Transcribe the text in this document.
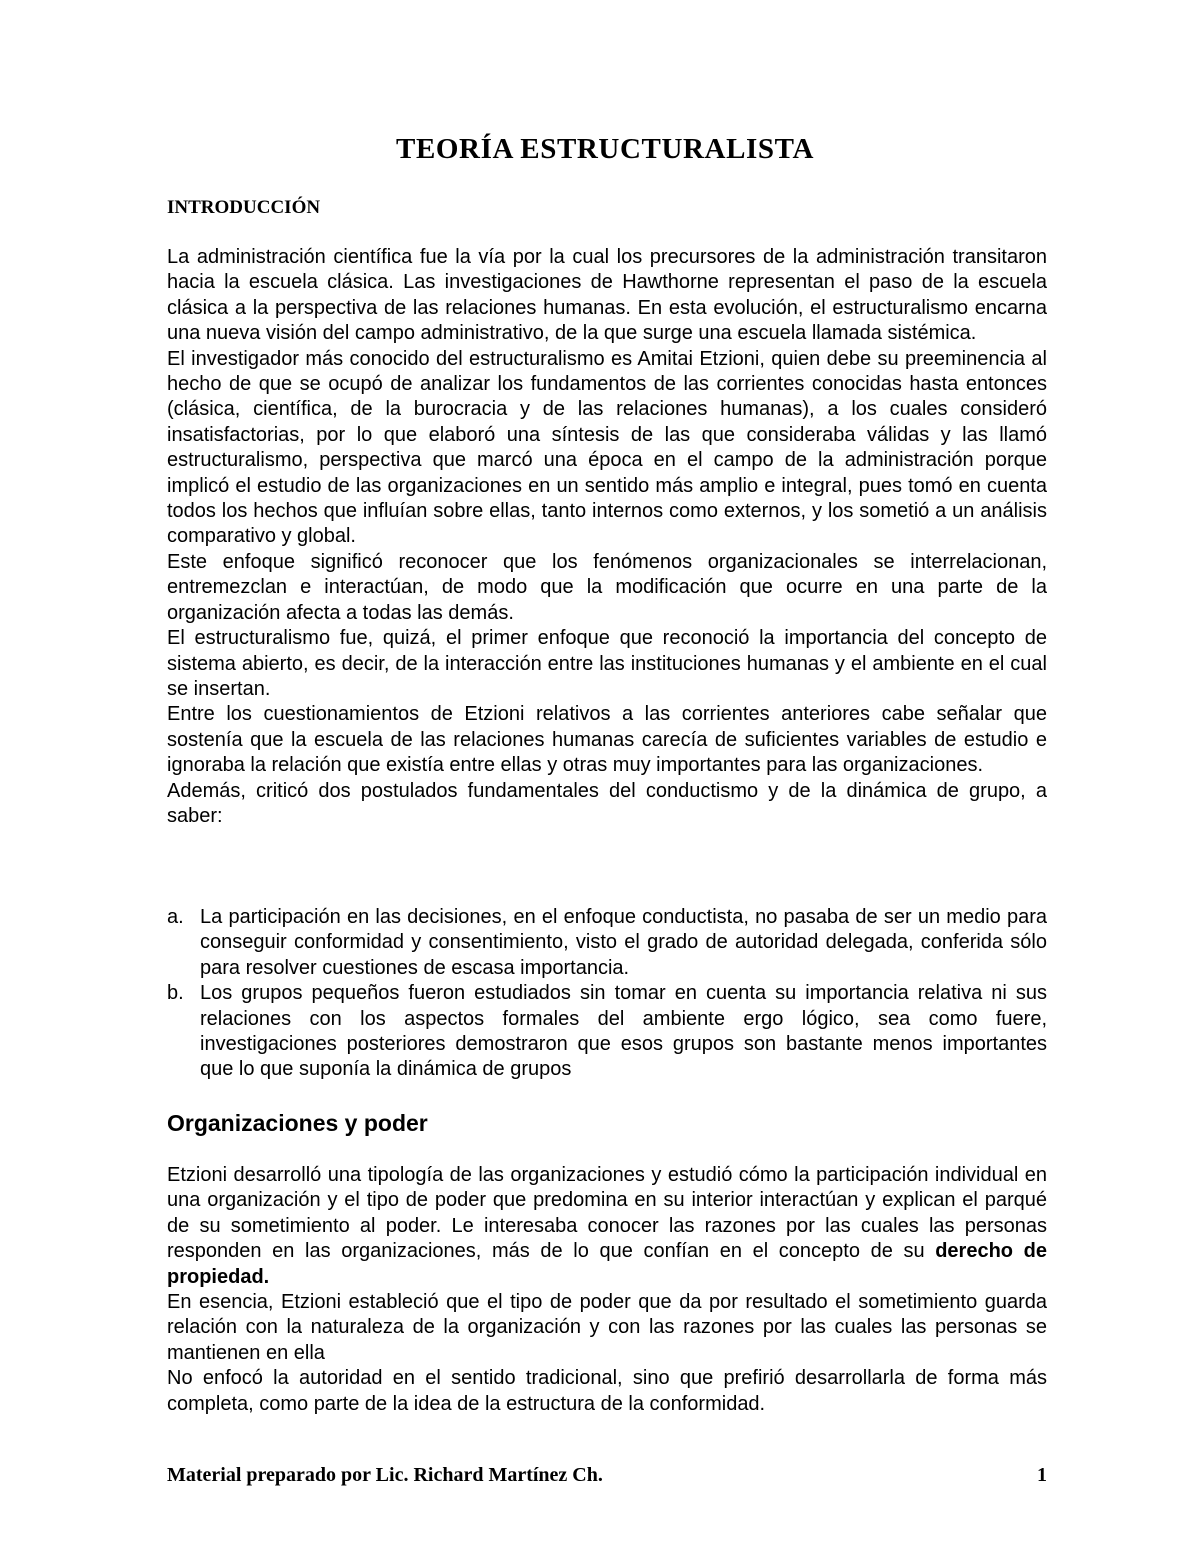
TEORÍA ESTRUCTURALISTA
INTRODUCCIÓN

La administración científica fue la vía por la cual los precursores de la administración transitaron hacia la escuela clásica. Las investigaciones de Hawthorne representan el paso de la escuela clásica a la perspectiva de las relaciones humanas. En esta evolución, el estructuralismo encarna una nueva visión del campo administrativo, de la que surge una escuela llamada sistémica.

El investigador más conocido del estructuralismo es Amitai Etzioni, quien debe su preeminencia al hecho de que se ocupó de analizar los fundamentos de las corrientes conocidas hasta entonces (clásica, científica, de la burocracia y de las relaciones humanas), a los cuales consideró insatisfactorias, por lo que elaboró una síntesis de las que consideraba válidas y las llamó estructuralismo, perspectiva que marcó una época en el campo de la administración porque implicó el estudio de las organizaciones en un sentido más amplio e integral, pues tomó en cuenta todos los hechos que influían sobre ellas, tanto internos como externos, y los sometió a un análisis comparativo y global.

Este enfoque significó reconocer que los fenómenos organizacionales se interrelacionan, entremezclan e interactúan, de modo que la modificación que ocurre en una parte de la organización afecta a todas las demás.

El estructuralismo fue, quizá, el primer enfoque que reconoció la importancia del concepto de sistema abierto, es decir, de la interacción entre las instituciones humanas y el ambiente en el cual se insertan.

Entre los cuestionamientos de Etzioni relativos a las corrientes anteriores cabe señalar que sostenía que la escuela de las relaciones humanas carecía de suficientes variables de estudio e ignoraba la relación que existía entre ellas y otras muy importantes para las organizaciones.

Además, criticó dos postulados fundamentales del conductismo y de la dinámica de grupo, a saber:

a. La participación en las decisiones, en el enfoque conductista, no pasaba de ser un medio para conseguir conformidad y consentimiento, visto el grado de autoridad delegada, conferida sólo para resolver cuestiones de escasa importancia.
b. Los grupos pequeños fueron estudiados sin tomar en cuenta su importancia relativa ni sus relaciones con los aspectos formales del ambiente ergo lógico, sea como fuere, investigaciones posteriores demostraron que esos grupos son bastante menos importantes que lo que suponía la dinámica de grupos
Organizaciones y poder

Etzioni desarrolló una tipología de las organizaciones y estudió cómo la participación individual en una organización y el tipo de poder que predomina en su interior interactúan y explican el parqué de su sometimiento al poder. Le interesaba conocer las razones por las cuales las personas responden en las organizaciones, más de lo que confían en el concepto de su derecho de propiedad.

En esencia, Etzioni estableció que el tipo de poder que da por resultado el sometimiento guarda relación con la naturaleza de la organización y con las razones por las cuales las personas se mantienen en ella

No enfocó la autoridad en el sentido tradicional, sino que prefirió desarrollarla de forma más completa, como parte de la idea de la estructura de la conformidad.

Material preparado por Lic. Richard Martínez Ch.	1
